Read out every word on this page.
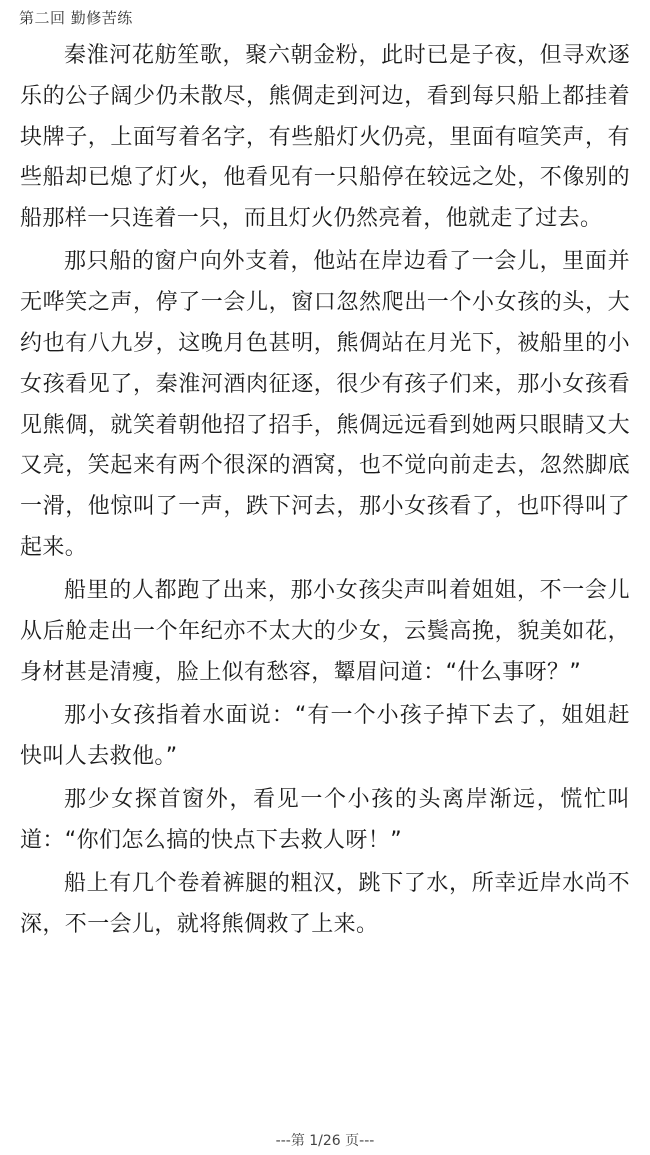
第二回 勤修苦练

秦淮河花舫笙歌，聚六朝金粉，此时已是子夜，但寻欢逐乐的公子阔少仍未散尽，熊倜走到河边，看到每只船上都挂着块牌子，上面写着名字，有些船灯火仍亮，里面有喧笑声，有些船却已熄了灯火，他看见有一只船停在较远之处，不像别的船那样一只连着一只，而且灯火仍然亮着，他就走了过去。

那只船的窗户向外支着，他站在岸边看了一会儿，里面并无哗笑之声，停了一会儿，窗口忽然爬出一个小女孩的头，大约也有八九岁，这晚月色甚明，熊倜站在月光下，被船里的小女孩看见了，秦淮河酒肉征逐，很少有孩子们来，那小女孩看见熊倜，就笑着朝他招了招手，熊倜远远看到她两只眼睛又大又亮，笑起来有两个很深的酒窝，也不觉向前走去，忽然脚底一滑，他惊叫了一声，跌下河去，那小女孩看了，也吓得叫了起来。

船里的人都跑了出来，那小女孩尖声叫着姐姐，不一会儿从后舱走出一个年纪亦不太大的少女，云鬓高挽，貌美如花，身材甚是清瘦，脸上似有愁容，颦眉问道：“什么事呀？”

那小女孩指着水面说：“有一个小孩子掉下去了，姐姐赶快叫人去救他。”

那少女探首窗外，看见一个小孩的头离岸渐远，慌忙叫道：“你们怎么搞的快点下去救人呀！”

船上有几个卷着裤腿的粗汉，跳下了水，所幸近岸水尚不深，不一会儿，就将熊倜救了上来。

---第 1/26 页---
